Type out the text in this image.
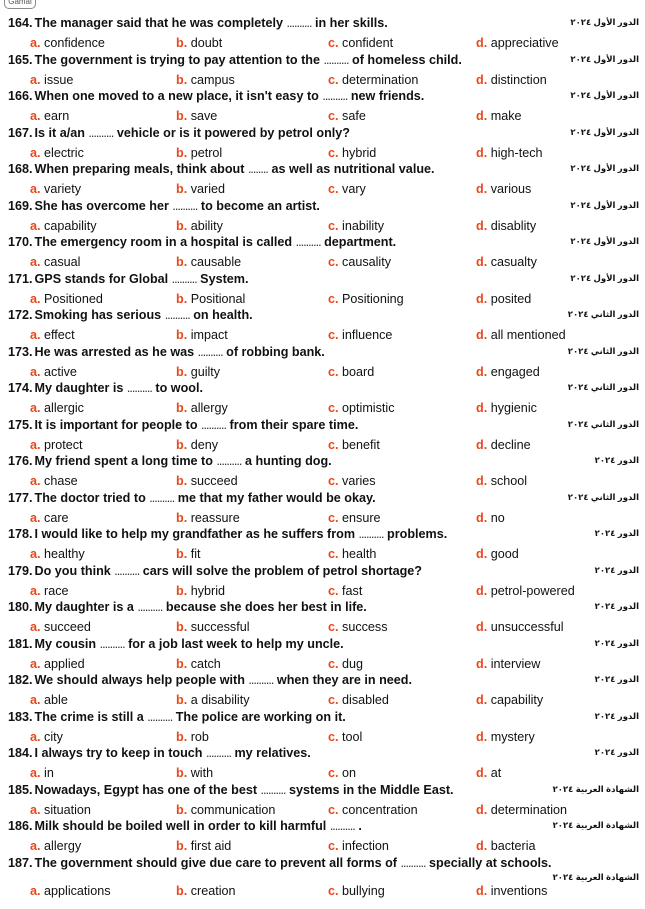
Gamal
164. The manager said that he was completely .......... in her skills.	الدور الأول ٢٠٢٤
a. confidence	b. doubt	c. confident	d. appreciative
165. The government is trying to pay attention to the .......... of homeless child.	الدور الأول ٢٠٢٤
a. issue	b. campus	c. determination	d. distinction
166. When one moved to a new place, it isn't easy to .......... new friends.	الدور الأول ٢٠٢٤
a. earn	b. save	c. safe	d. make
167. Is it a/an .......... vehicle or is it powered by petrol only?	الدور الأول ٢٠٢٤
a. electric	b. petrol	c. hybrid	d. high-tech
168. When preparing meals, think about ........ as well as nutritional value.	الدور الأول ٢٠٢٤
a. variety	b. varied	c. vary	d. various
169. She has overcome her .......... to become an artist.	الدور الأول ٢٠٢٤
a. capability	b. ability	c. inability	d. disablity
170. The emergency room in a hospital is called .......... department.	الدور الأول ٢٠٢٤
a. casual	b. causable	c. causality	d. casualty
171. GPS stands for Global .......... System.	الدور الأول ٢٠٢٤
a. Positioned	b. Positional	c. Positioning	d. posited
172. Smoking has serious .......... on health.	الدور الثاني ٢٠٢٤
a. effect	b. impact	c. influence	d. all mentioned
173. He was arrested as he was .......... of robbing bank.	الدور الثاني ٢٠٢٤
a. active	b. guilty	c. board	d. engaged
174. My daughter is .......... to wool.	الدور الثاني ٢٠٢٤
a. allergic	b. allergy	c. optimistic	d. hygienic
175. It is important for people to .......... from their spare time.	الدور الثاني ٢٠٢٤
a. protect	b. deny	c. benefit	d. decline
176. My friend spent a long time to .......... a hunting dog.	الدور ٢٠٢٤
a. chase	b. succeed	c. varies	d. school
177. The doctor tried to .......... me that my father would be okay.	الدور الثاني ٢٠٢٤
a. care	b. reassure	c. ensure	d. no
178. I would like to help my grandfather as he suffers from .......... problems.	الدور ٢٠٢٤
a. healthy	b. fit	c. health	d. good
179. Do you think .......... cars will solve the problem of petrol shortage?	الدور ٢٠٢٤
a. race	b. hybrid	c. fast	d. petrol-powered
180. My daughter is a .......... because she does her best in life.	الدور ٢٠٢٤
a. succeed	b. successful	c. success	d. unsuccessful
181. My cousin .......... for a job last week to help my uncle.	الدور ٢٠٢٤
a. applied	b. catch	c. dug	d. interview
182. We should always help people with .......... when they are in need.	الدور ٢٠٢٤
a. able	b. a disability	c. disabled	d. capability
183. The crime is still a .......... The police are working on it.	الدور ٢٠٢٤
a. city	b. rob	c. tool	d. mystery
184. I always try to keep in touch .......... my relatives.	الدور ٢٠٢٤
a. in	b. with	c. on	d. at
185. Nowadays, Egypt has one of the best .......... systems in the Middle East.	الشهادة العربية ٢٠٢٤
a. situation	b. communication	c. concentration	d. determination
186. Milk should be boiled well in order to kill harmful .......... .	الشهادة العربية ٢٠٢٤
a. allergy	b. first aid	c. infection	d. bacteria
187. The government should give due care to prevent all forms of .......... specially at schools.
الشهادة العربية ٢٠٢٤
a. applications	b. creation	c. bullying	d. inventions
